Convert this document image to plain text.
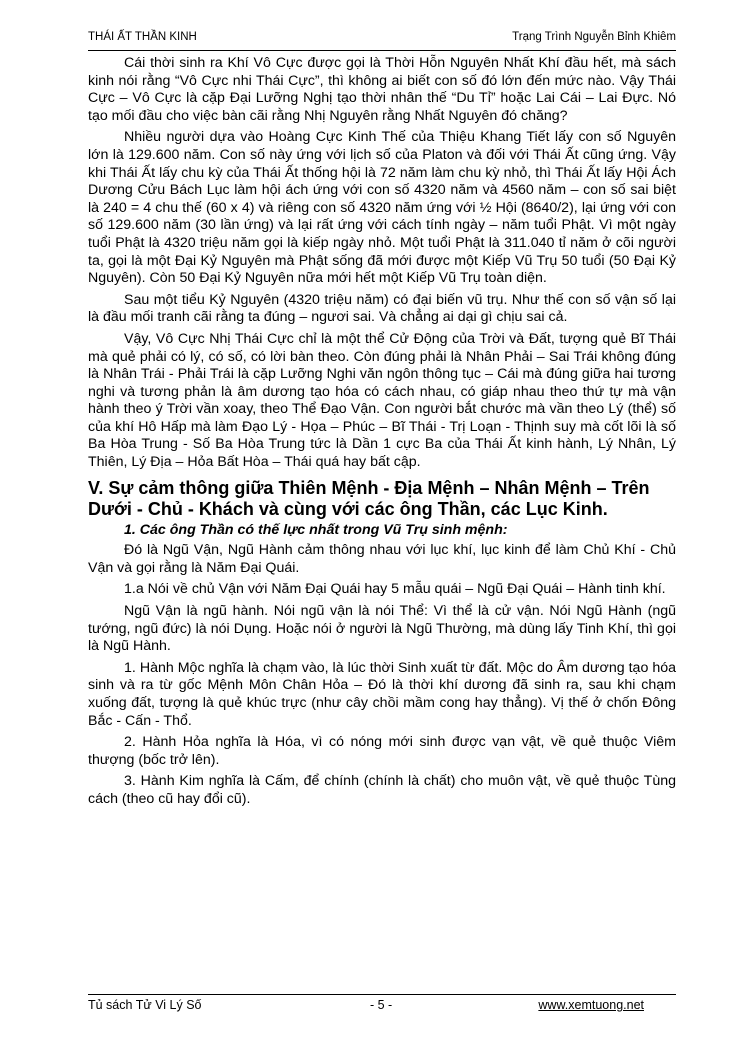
THÁI ẤT THẦN KINH	Trạng Trình Nguyễn Bỉnh Khiêm

Cái thời sinh ra Khí Vô Cực được gọi là Thời Hỗn Nguyên Nhất Khí đầu hết, mà sách kinh nói rằng “Vô Cực nhi Thái Cực”, thì không ai biết con số đó lớn đến mức nào. Vậy Thái Cực – Vô Cực là cặp Đại Lưỡng Nghị tạo thời nhân thế “Du Tỉ” hoặc Lai Cái – Lai Đực. Nó tạo mối đầu cho việc bàn cãi rằng Nhị Nguyên rằng Nhất Nguyên đó chăng?

Nhiều người dựa vào Hoàng Cực Kinh Thế của Thiệu Khang Tiết lấy con số Nguyên lớn là 129.600 năm. Con số này ứng với lịch số của Platon và đối với Thái Ất cũng ứng. Vậy khi Thái Ất lấy chu kỳ của Thái Ất thống hội là 72 năm làm chu kỳ nhỏ, thì Thái Ất lấy Hội Ách Dương Cửu Bách Lục làm hội ách ứng với con số 4320 năm và 4560 năm – con số sai biệt là 240 = 4 chu thế (60 x 4) và riêng con số 4320 năm ứng với ½ Hội (8640/2), lại ứng với con số 129.600 năm (30 lần ứng) và lại rất ứng với cách tính ngày – năm tuổi Phật. Vì một ngày tuổi Phật là 4320 triệu năm gọi là kiếp ngày nhỏ. Một tuổi Phật là 311.040 tỉ năm ở cõi người ta, gọi là một Đại Kỷ Nguyên mà Phật sống đã mới được một Kiếp Vũ Trụ 50 tuổi (50 Đại Kỷ Nguyên). Còn 50 Đại Kỷ Nguyên nữa mới hết một Kiếp Vũ Trụ toàn diện.

Sau một tiểu Kỷ Nguyên (4320 triệu năm) có đại biến vũ trụ. Như thế con số vận số lại là đầu mối tranh cãi rằng ta đúng – ngươi sai. Và chẳng ai dại gì chịu sai cả.

Vậy, Vô Cực Nhị Thái Cực chỉ là một thể Cử Động của Trời và Đất, tượng quẻ Bĩ Thái mà quẻ phải có lý, có số, có lời bàn theo. Còn đúng phải là Nhân Phải – Sai Trái không đúng là Nhân Trái - Phải Trái là cặp Lưỡng Nghi văn ngôn thông tục – Cái mà đúng giữa hai tương nghi và tương phản là âm dương tạo hóa có cách nhau, có giáp nhau theo thứ tự mà vận hành theo ý Trời vần xoay, theo Thể Đạo Vận. Con người bắt chước mà vần theo Lý (thể) số của khí Hô Hấp mà làm Đạo Lý - Họa – Phúc – Bĩ Thái - Trị Loạn - Thịnh suy mà cốt lõi là số Ba Hòa Trung - Số Ba Hòa Trung tức là Dần 1 cực Ba của Thái Ất kinh hành, Lý Nhân, Lý Thiên, Lý Địa – Hỏa Bất Hòa – Thái quá hay bất cập.

V. Sự cảm thông giữa Thiên Mệnh - Địa Mệnh – Nhân Mệnh – Trên Dưới - Chủ - Khách và cùng với các ông Thần, các Lục Kinh.

1. Các ông Thần có thế lực nhất trong Vũ Trụ sinh mệnh:

Đó là Ngũ Vận, Ngũ Hành cảm thông nhau với lục khí, lục kinh để làm Chủ Khí - Chủ Vận và gọi rằng là Năm Đại Quái.

1.a Nói về chủ Vận với Năm Đại Quái hay 5 mẫu quái – Ngũ Đại Quái – Hành tinh khí.

Ngũ Vận là ngũ hành. Nói ngũ vận là nói Thể: Vì thể là cử vận. Nói Ngũ Hành (ngũ tướng, ngũ đức) là nói Dụng. Hoặc nói ở người là Ngũ Thường, mà dùng lấy Tinh Khí, thì gọi là Ngũ Hành.

1. Hành Mộc nghĩa là chạm vào, là lúc thời Sinh xuất từ đất. Mộc do Âm dương tạo hóa sinh và ra từ gốc Mệnh Môn Chân Hỏa – Đó là thời khí dương đã sinh ra, sau khi chạm xuống đất, tượng là quẻ khúc trực (như cây chồi mầm cong hay thẳng). Vị thế ở chốn Đông Bắc - Cấn - Thổ.

2. Hành Hỏa nghĩa là Hóa, vì có nóng mới sinh được vạn vật, về quẻ thuộc Viêm thượng (bốc trở lên).

3. Hành Kim nghĩa là Cấm, để chính (chính là chất) cho muôn vật, về quẻ thuộc Tùng cách (theo cũ hay đổi cũ).

Tủ sách Tử Vi Lý Số	- 5 -	www.xemtuong.net
